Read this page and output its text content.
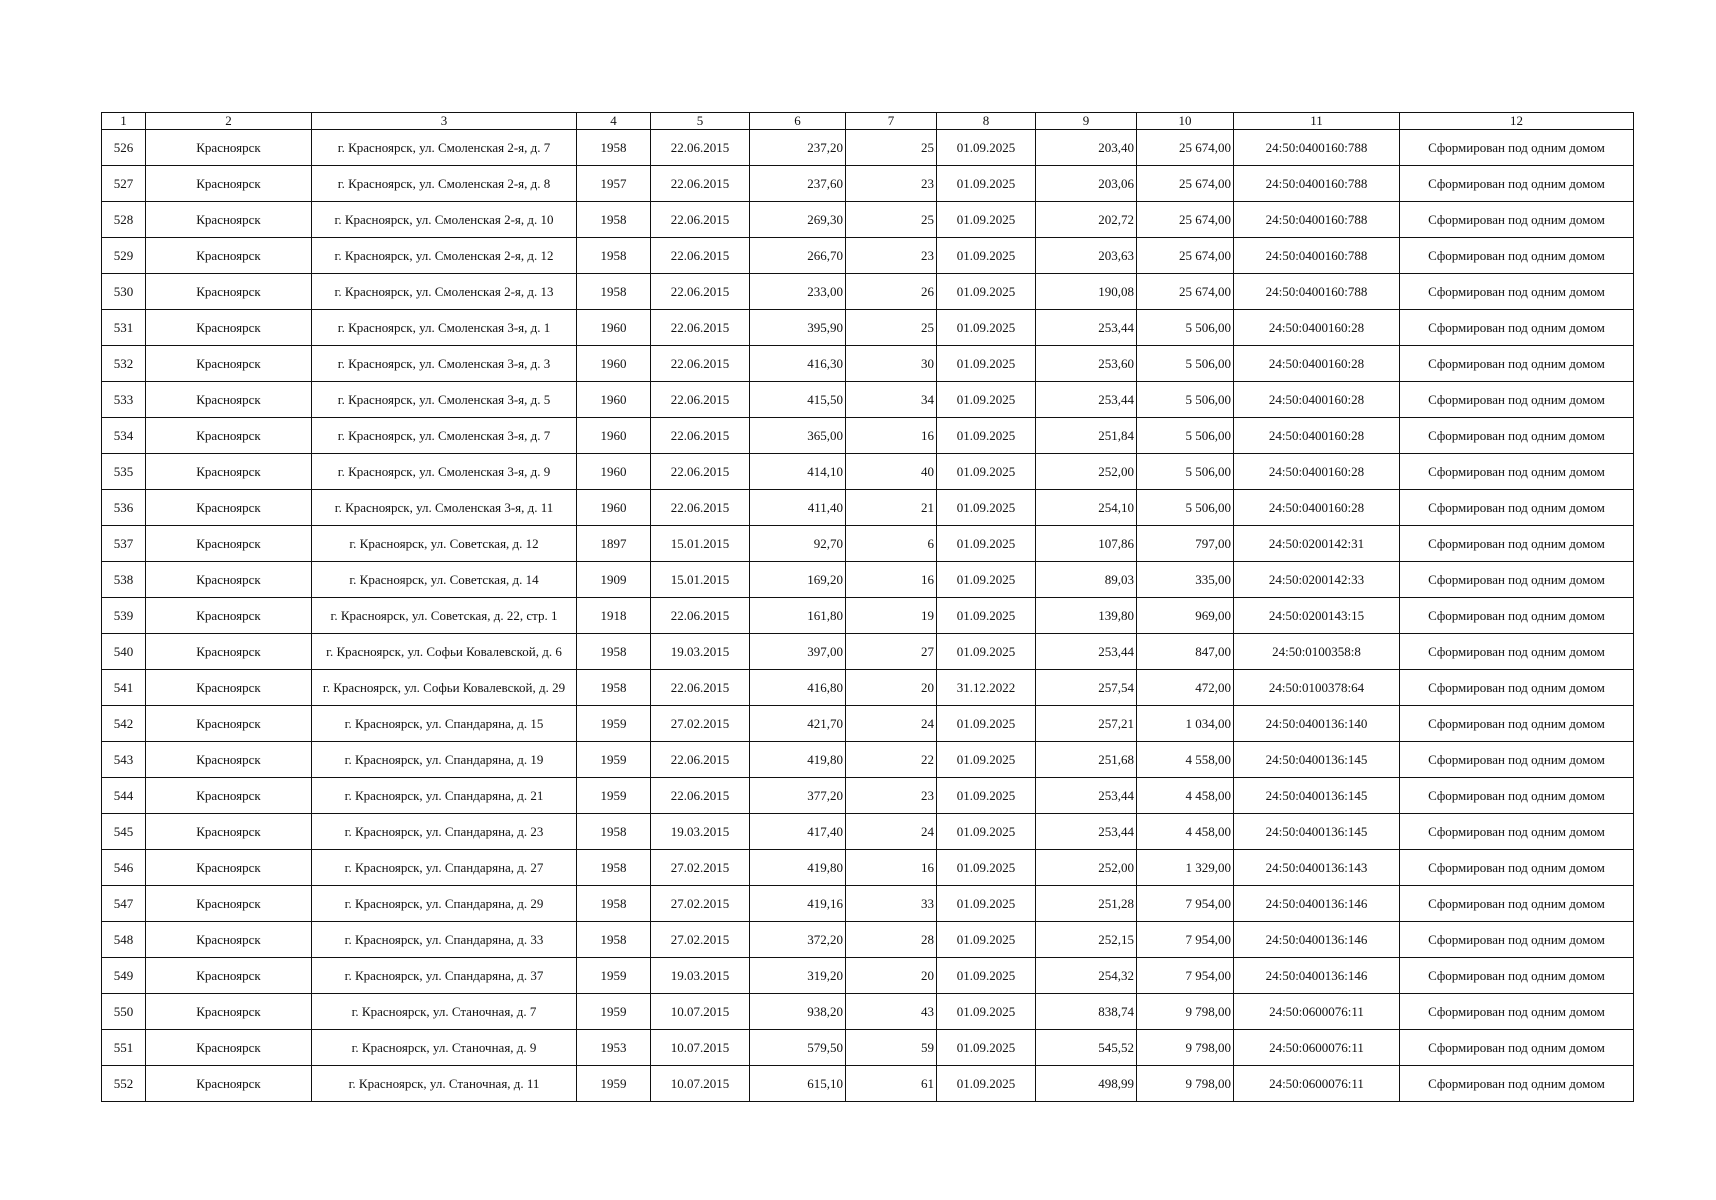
1	2	3	4	5	6	7	8	9	10	11	12
526	Красноярск	г. Красноярск, ул. Смоленская 2-я, д. 7	1958	22.06.2015	237,20	25	01.09.2025	203,40	25 674,00	24:50:0400160:788	Сформирован под одним домом
527	Красноярск	г. Красноярск, ул. Смоленская 2-я, д. 8	1957	22.06.2015	237,60	23	01.09.2025	203,06	25 674,00	24:50:0400160:788	Сформирован под одним домом
528	Красноярск	г. Красноярск, ул. Смоленская 2-я, д. 10	1958	22.06.2015	269,30	25	01.09.2025	202,72	25 674,00	24:50:0400160:788	Сформирован под одним домом
529	Красноярск	г. Красноярск, ул. Смоленская 2-я, д. 12	1958	22.06.2015	266,70	23	01.09.2025	203,63	25 674,00	24:50:0400160:788	Сформирован под одним домом
530	Красноярск	г. Красноярск, ул. Смоленская 2-я, д. 13	1958	22.06.2015	233,00	26	01.09.2025	190,08	25 674,00	24:50:0400160:788	Сформирован под одним домом
531	Красноярск	г. Красноярск, ул. Смоленская 3-я, д. 1	1960	22.06.2015	395,90	25	01.09.2025	253,44	5 506,00	24:50:0400160:28	Сформирован под одним домом
532	Красноярск	г. Красноярск, ул. Смоленская 3-я, д. 3	1960	22.06.2015	416,30	30	01.09.2025	253,60	5 506,00	24:50:0400160:28	Сформирован под одним домом
533	Красноярск	г. Красноярск, ул. Смоленская 3-я, д. 5	1960	22.06.2015	415,50	34	01.09.2025	253,44	5 506,00	24:50:0400160:28	Сформирован под одним домом
534	Красноярск	г. Красноярск, ул. Смоленская 3-я, д. 7	1960	22.06.2015	365,00	16	01.09.2025	251,84	5 506,00	24:50:0400160:28	Сформирован под одним домом
535	Красноярск	г. Красноярск, ул. Смоленская 3-я, д. 9	1960	22.06.2015	414,10	40	01.09.2025	252,00	5 506,00	24:50:0400160:28	Сформирован под одним домом
536	Красноярск	г. Красноярск, ул. Смоленская 3-я, д. 11	1960	22.06.2015	411,40	21	01.09.2025	254,10	5 506,00	24:50:0400160:28	Сформирован под одним домом
537	Красноярск	г. Красноярск, ул. Советская, д. 12	1897	15.01.2015	92,70	6	01.09.2025	107,86	797,00	24:50:0200142:31	Сформирован под одним домом
538	Красноярск	г. Красноярск, ул. Советская, д. 14	1909	15.01.2015	169,20	16	01.09.2025	89,03	335,00	24:50:0200142:33	Сформирован под одним домом
539	Красноярск	г. Красноярск, ул. Советская, д. 22, стр. 1	1918	22.06.2015	161,80	19	01.09.2025	139,80	969,00	24:50:0200143:15	Сформирован под одним домом
540	Красноярск	г. Красноярск, ул. Софьи Ковалевской, д. 6	1958	19.03.2015	397,00	27	01.09.2025	253,44	847,00	24:50:0100358:8	Сформирован под одним домом
541	Красноярск	г. Красноярск, ул. Софьи Ковалевской, д. 29	1958	22.06.2015	416,80	20	31.12.2022	257,54	472,00	24:50:0100378:64	Сформирован под одним домом
542	Красноярск	г. Красноярск, ул. Спандаряна, д. 15	1959	27.02.2015	421,70	24	01.09.2025	257,21	1 034,00	24:50:0400136:140	Сформирован под одним домом
543	Красноярск	г. Красноярск, ул. Спандаряна, д. 19	1959	22.06.2015	419,80	22	01.09.2025	251,68	4 558,00	24:50:0400136:145	Сформирован под одним домом
544	Красноярск	г. Красноярск, ул. Спандаряна, д. 21	1959	22.06.2015	377,20	23	01.09.2025	253,44	4 458,00	24:50:0400136:145	Сформирован под одним домом
545	Красноярск	г. Красноярск, ул. Спандаряна, д. 23	1958	19.03.2015	417,40	24	01.09.2025	253,44	4 458,00	24:50:0400136:145	Сформирован под одним домом
546	Красноярск	г. Красноярск, ул. Спандаряна, д. 27	1958	27.02.2015	419,80	16	01.09.2025	252,00	1 329,00	24:50:0400136:143	Сформирован под одним домом
547	Красноярск	г. Красноярск, ул. Спандаряна, д. 29	1958	27.02.2015	419,16	33	01.09.2025	251,28	7 954,00	24:50:0400136:146	Сформирован под одним домом
548	Красноярск	г. Красноярск, ул. Спандаряна, д. 33	1958	27.02.2015	372,20	28	01.09.2025	252,15	7 954,00	24:50:0400136:146	Сформирован под одним домом
549	Красноярск	г. Красноярск, ул. Спандаряна, д. 37	1959	19.03.2015	319,20	20	01.09.2025	254,32	7 954,00	24:50:0400136:146	Сформирован под одним домом
550	Красноярск	г. Красноярск, ул. Станочная, д. 7	1959	10.07.2015	938,20	43	01.09.2025	838,74	9 798,00	24:50:0600076:11	Сформирован под одним домом
551	Красноярск	г. Красноярск, ул. Станочная, д. 9	1953	10.07.2015	579,50	59	01.09.2025	545,52	9 798,00	24:50:0600076:11	Сформирован под одним домом
552	Красноярск	г. Красноярск, ул. Станочная, д. 11	1959	10.07.2015	615,10	61	01.09.2025	498,99	9 798,00	24:50:0600076:11	Сформирован под одним домом
